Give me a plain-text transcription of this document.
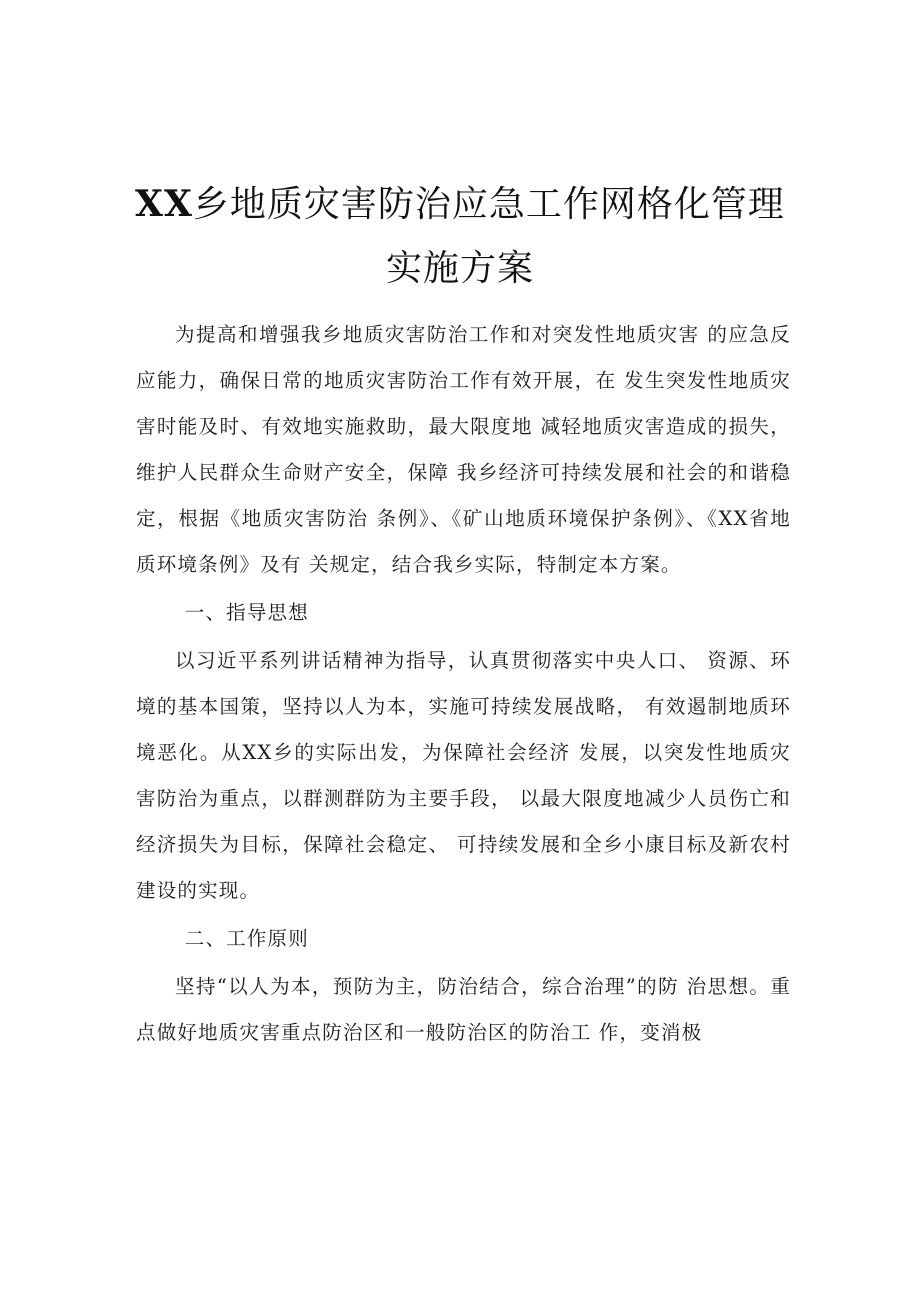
XX乡地质灾害防治应急工作网格化管理
实施方案

为提高和增强我乡地质灾害防治工作和对突发性地质灾害 的应急反应能力，确保日常的地质灾害防治工作有效开展，在 发生突发性地质灾害时能及时、有效地实施救助，最大限度地 减轻地质灾害造成的损失，维护人民群众生命财产安全，保障 我乡经济可持续发展和社会的和谐稳定，根据《地质灾害防治 条例》、《矿山地质环境保护条例》、《XX省地质环境条例》及有 关规定，结合我乡实际，特制定本方案。

一、指导思想

以习近平系列讲话精神为指导，认真贯彻落实中央人口、 资源、环境的基本国策，坚持以人为本，实施可持续发展战略， 有效遏制地质环境恶化。从XX乡的实际出发，为保障社会经济 发展，以突发性地质灾害防治为重点，以群测群防为主要手段， 以最大限度地减少人员伤亡和经济损失为目标，保障社会稳定、 可持续发展和全乡小康目标及新农村建设的实现。

二、工作原则

坚持“以人为本，预防为主，防治结合，综合治理”的防 治思想。重点做好地质灾害重点防治区和一般防治区的防治工 作，变消极
